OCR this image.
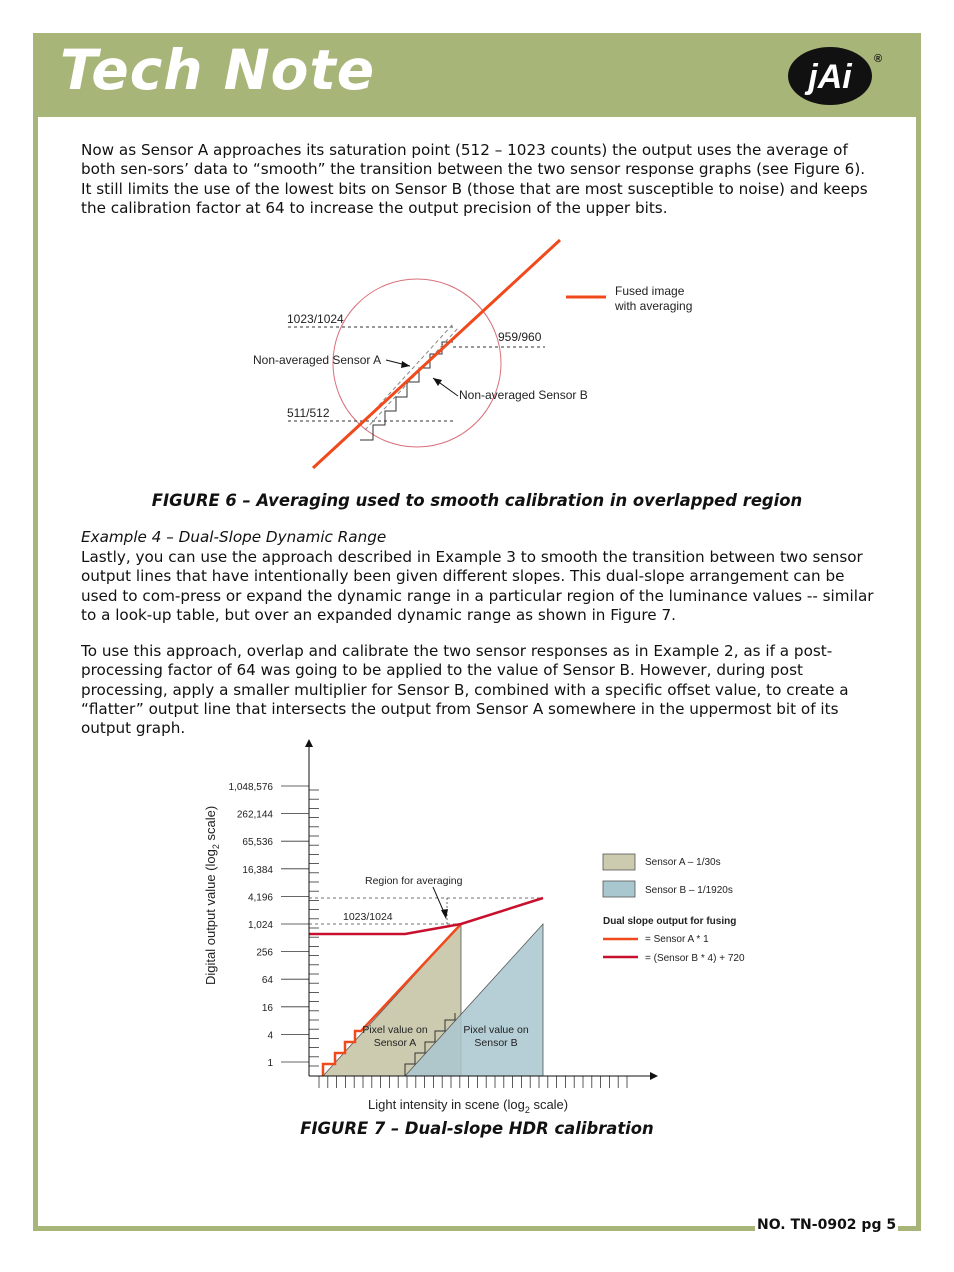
Tech Note	jAi ®
Now as Sensor A approaches its saturation point (512 – 1023 counts) the output uses the average of both sen-sors’ data to “smooth” the transition between the two sensor response graphs (see Figure 6). It still limits the use of the lowest bits on Sensor B (those that are most susceptible to noise) and keeps the calibration factor at 64 to increase the output precision of the upper bits.
Fused image
with averaging
1023/1024
511/512
959/960
Non-averaged Sensor A
Non-averaged Sensor B
FIGURE 6 – Averaging used to smooth calibration in overlapped region
Example 4 – Dual-Slope Dynamic Range
Lastly, you can use the approach described in Example 3 to smooth the transition between two sensor output lines that have intentionally been given different slopes. This dual-slope arrangement can be used to com-press or expand the dynamic range in a particular region of the luminance values -- similar to a look-up table, but over an expanded dynamic range as shown in Figure 7.
To use this approach, overlap and calibrate the two sensor responses as in Example 2, as if a post-processing factor of 64 was going to be applied to the value of Sensor B. However, during post processing, apply a smaller multiplier for Sensor B, combined with a specific offset value, to create a “flatter” output line that intersects the output from Sensor A somewhere in the uppermost bit of its output graph.
1,048,576
262,144
65,536
16,384
4,196
1,024
256
64
16
4
1
Digital output value ($\log_2$ scale)
Light intensity in scene ($\log_2$ scale)
Region for averaging
1023/1024
Pixel value on
Sensor A
Pixel value on
Sensor B
Sensor A – 1/30s
Sensor B – 1/1920s
Dual slope output for fusing
= Sensor A * 1
= (Sensor B * 4) + 720
FIGURE 7 – Dual-slope HDR calibration
NO. TN-0902 pg 5
